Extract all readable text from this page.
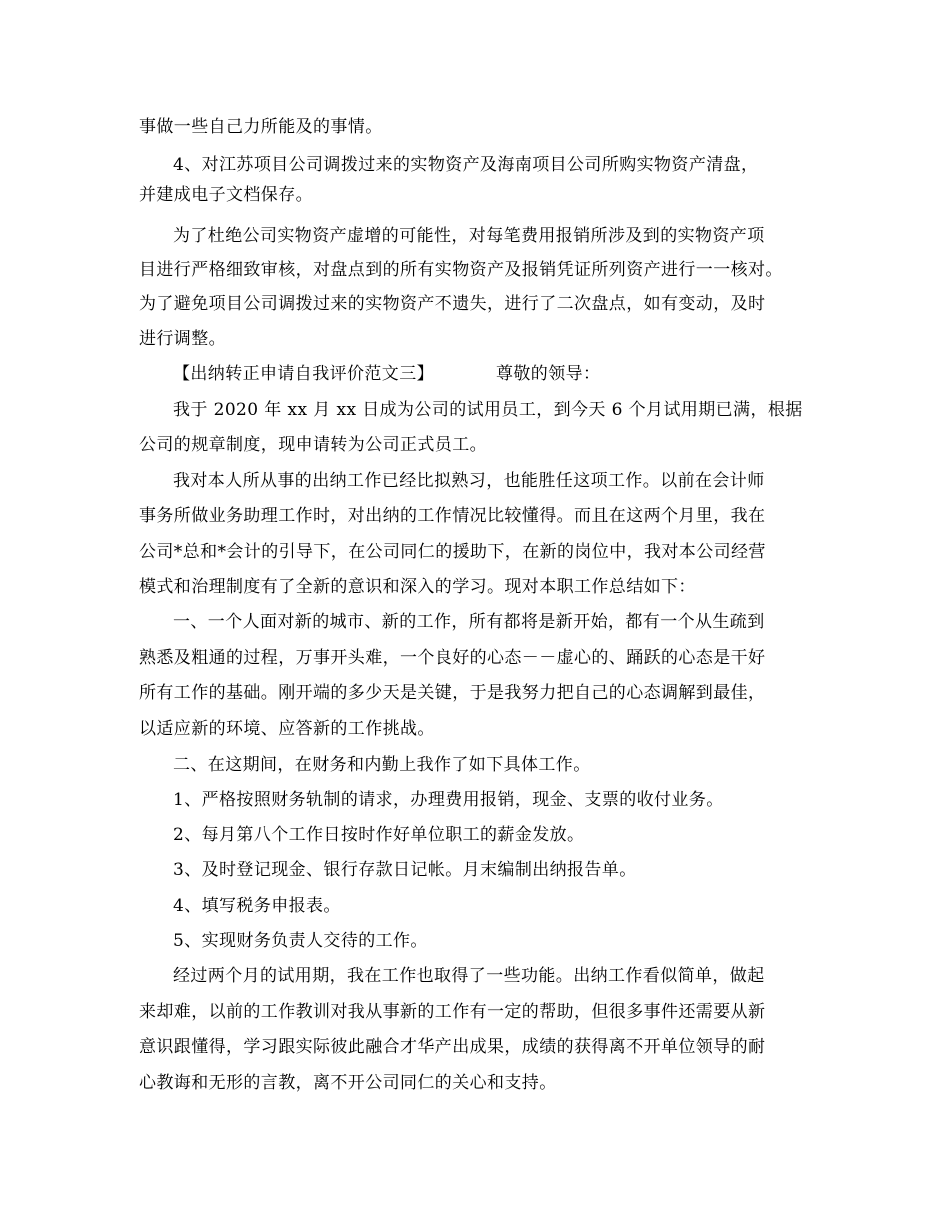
事做一些自己力所能及的事情。
4、对江苏项目公司调拨过来的实物资产及海南项目公司所购实物资产清盘，
并建成电子文档保存。
为了杜绝公司实物资产虚增的可能性，对每笔费用报销所涉及到的实物资产项
目进行严格细致审核，对盘点到的所有实物资产及报销凭证所列资产进行一一核对。
为了避免项目公司调拨过来的实物资产不遗失，进行了二次盘点，如有变动，及时
进行调整。
【出纳转正申请自我评价范文三】	尊敬的领导：
我于 2020 年 xx 月 xx 日成为公司的试用员工，到今天 6 个月试用期已满，根据
公司的规章制度，现申请转为公司正式员工。
我对本人所从事的出纳工作已经比拟熟习，也能胜任这项工作。以前在会计师
事务所做业务助理工作时，对出纳的工作情况比较懂得。而且在这两个月里，我在
公司*总和*会计的引导下，在公司同仁的援助下，在新的岗位中，我对本公司经营
模式和治理制度有了全新的意识和深入的学习。现对本职工作总结如下：
一、一个人面对新的城市、新的工作，所有都将是新开始，都有一个从生疏到
熟悉及粗通的过程，万事开头难，一个良好的心态－－虚心的、踊跃的心态是干好
所有工作的基础。刚开端的多少天是关键，于是我努力把自己的心态调解到最佳，
以适应新的环境、应答新的工作挑战。
二、在这期间，在财务和内勤上我作了如下具体工作。
1、严格按照财务轨制的请求，办理费用报销，现金、支票的收付业务。
2、每月第八个工作日按时作好单位职工的薪金发放。
3、及时登记现金、银行存款日记帐。月末编制出纳报告单。
4、填写税务申报表。
5、实现财务负责人交待的工作。
经过两个月的试用期，我在工作也取得了一些功能。出纳工作看似简单，做起
来却难，以前的工作教训对我从事新的工作有一定的帮助，但很多事件还需要从新
意识跟懂得，学习跟实际彼此融合才华产出成果，成绩的获得离不开单位领导的耐
心教诲和无形的言教，离不开公司同仁的关心和支持。
